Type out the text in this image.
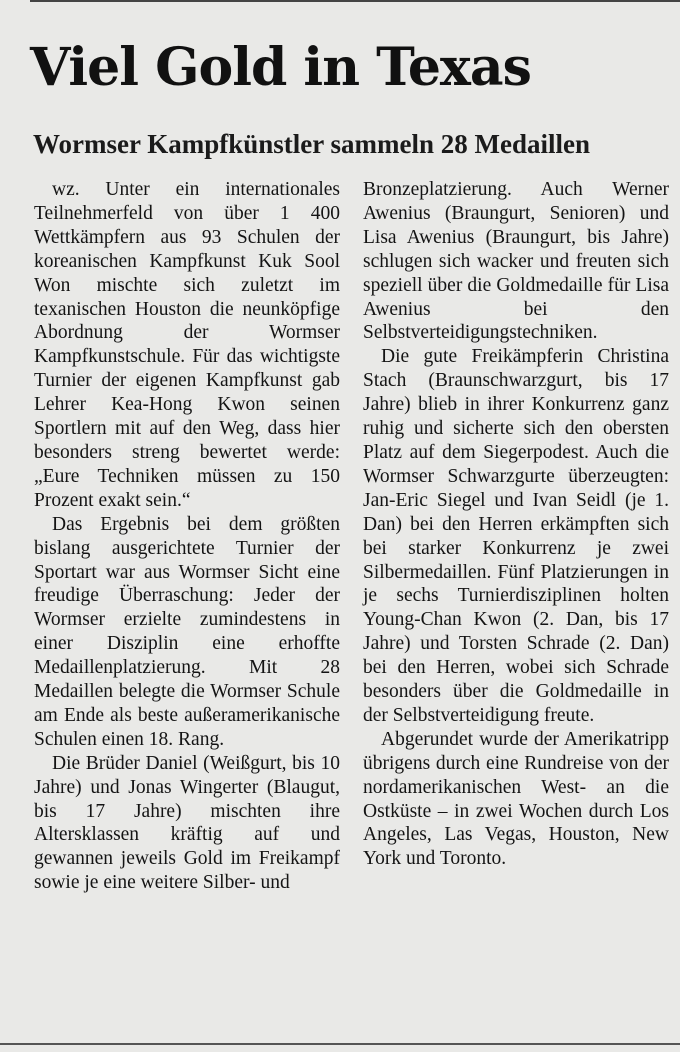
Viel Gold in Texas
Wormser Kampfkünstler sammeln 28 Medaillen

wz. Unter ein internationales Teilnehmerfeld von über 1 400 Wettkämpfern aus 93 Schulen der koreanischen Kampfkunst Kuk Sool Won mischte sich zuletzt im texanischen Houston die neunköpfige Abordnung der Wormser Kampfkunstschule. Für das wichtigste Turnier der eigenen Kampfkunst gab Lehrer Kea-Hong Kwon seinen Sportlern mit auf den Weg, dass hier besonders streng bewertet werde: „Eure Techniken müssen zu 150 Prozent exakt sein.“

Das Ergebnis bei dem größten bislang ausgerichtete Turnier der Sportart war aus Wormser Sicht eine freudige Überraschung: Jeder der Wormser erzielte zumindestens in einer Disziplin eine erhoffte Medaillenplatzierung. Mit 28 Medaillen belegte die Wormser Schule am Ende als beste außeramerikanische Schulen einen 18. Rang.

Die Brüder Daniel (Weißgurt, bis 10 Jahre) und Jonas Wingerter (Blaugut, bis 17 Jahre) mischten ihre Altersklassen kräftig auf und gewannen jeweils Gold im Freikampf sowie je eine weitere Silber- und

Bronzeplatzierung. Auch Werner Awenius (Braungurt, Senioren) und Lisa Awenius (Braungurt, bis Jahre) schlugen sich wacker und freuten sich speziell über die Goldmedaille für Lisa Awenius bei den Selbstverteidigungstechniken.

Die gute Freikämpferin Christina Stach (Braunschwarzgurt, bis 17 Jahre) blieb in ihrer Konkurrenz ganz ruhig und sicherte sich den obersten Platz auf dem Siegerpodest. Auch die Wormser Schwarzgurte überzeugten: Jan-Eric Siegel und Ivan Seidl (je 1. Dan) bei den Herren erkämpften sich bei starker Konkurrenz je zwei Silbermedaillen. Fünf Platzierungen in je sechs Turnierdisziplinen holten Young-Chan Kwon (2. Dan, bis 17 Jahre) und Torsten Schrade (2. Dan) bei den Herren, wobei sich Schrade besonders über die Goldmedaille in der Selbstverteidigung freute.

Abgerundet wurde der Amerikatripp übrigens durch eine Rundreise von der nordamerikanischen West- an die Ostküste – in zwei Wochen durch Los Angeles, Las Vegas, Houston, New York und Toronto.
